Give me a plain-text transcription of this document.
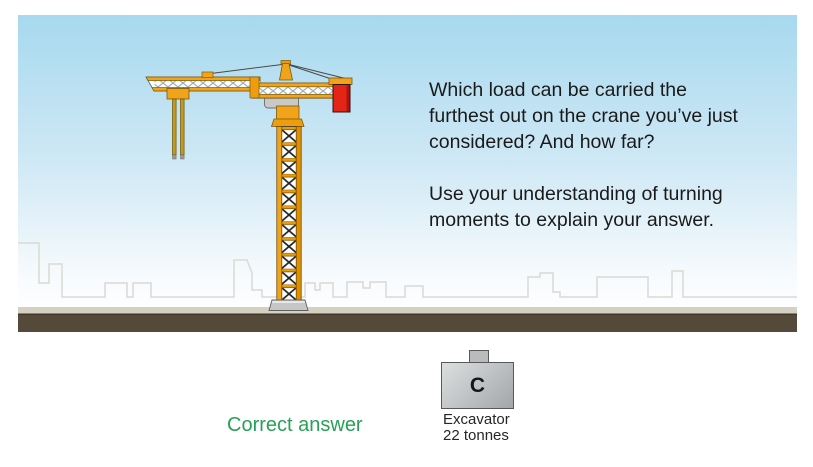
Which load can be carried the furthest out on the crane you’ve just considered? And how far?

Use your understanding of turning moments to explain your answer.

Correct answer
C
Excavator
22 tonnes
